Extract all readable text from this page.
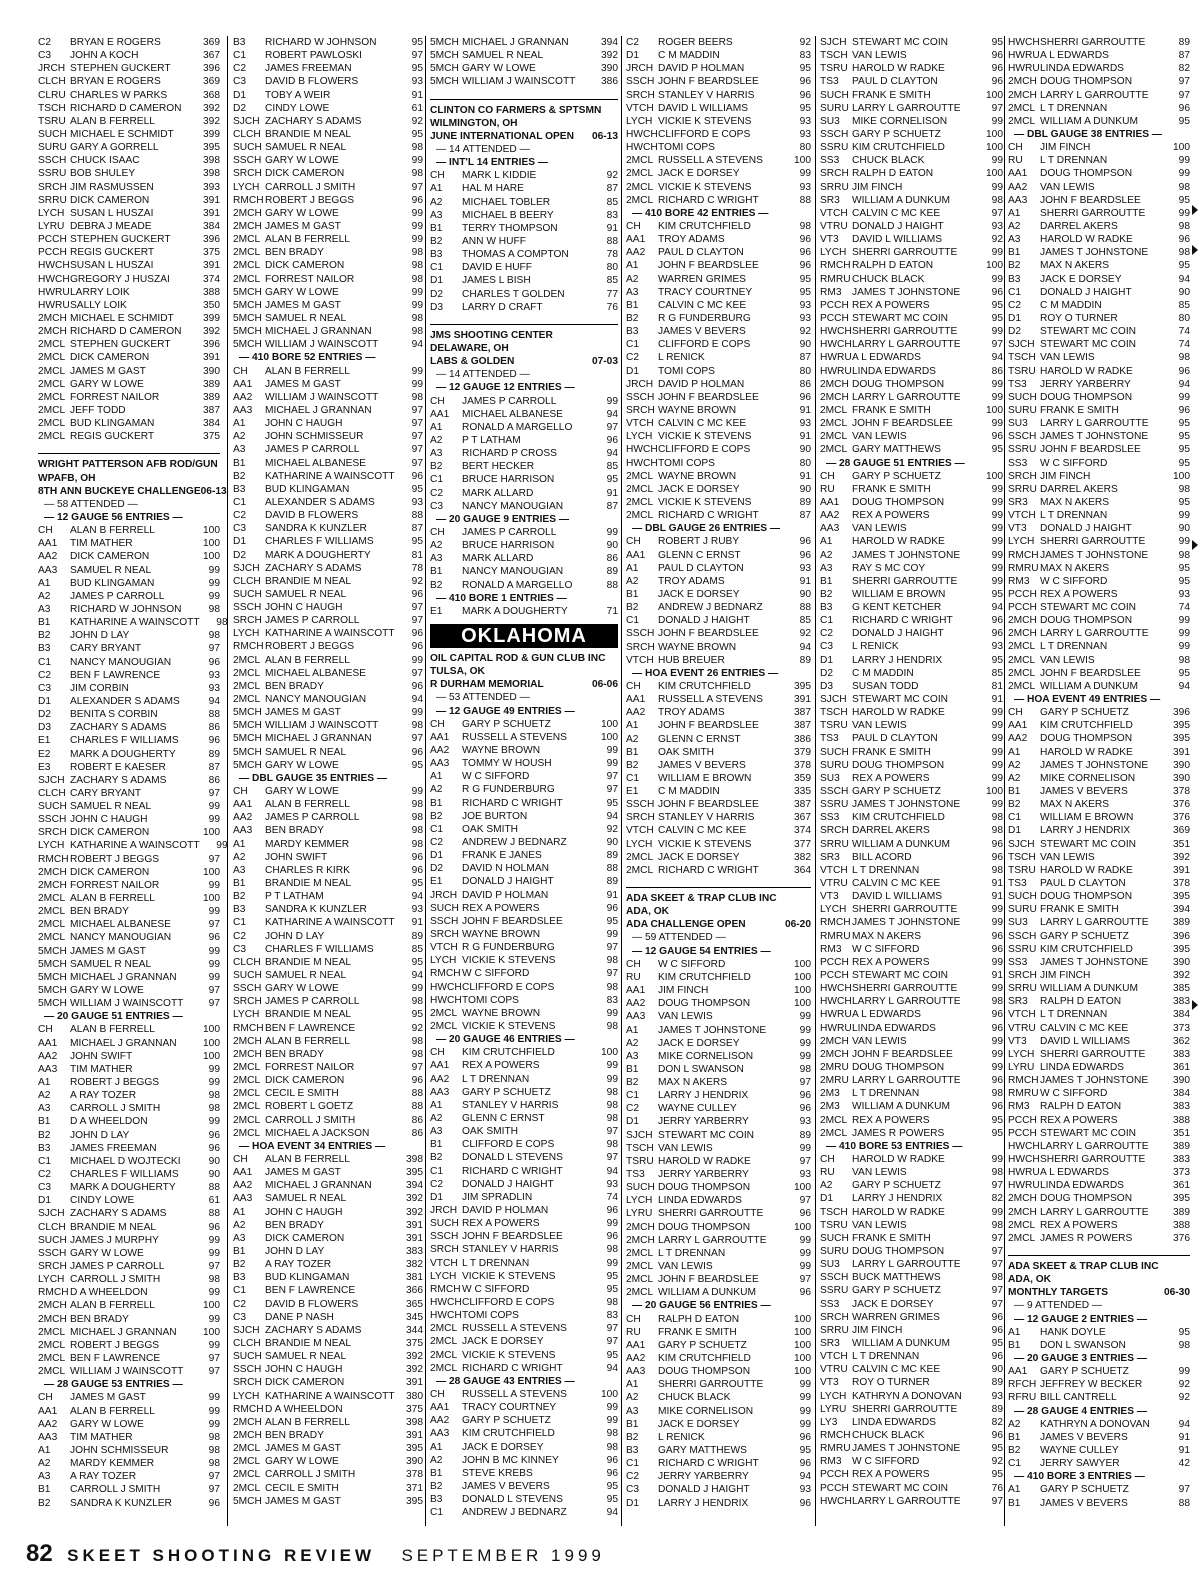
C2	BRYAN E ROGERS	369
C3	JOHN A KOCH	367
JRCH STEPHEN GUCKERT	396
CLCH BRYAN E ROGERS	369
CLRU CHARLES W PARKS	368
TSCH RICHARD D CAMERON	392
TSRU ALAN B FERRELL	392
SUCH MICHAEL E SCHMIDT	399
SURU GARY A GORRELL	395
SSCH CHUCK ISAAC	398
SSRU BOB SHULEY	398
SRCH JIM RASMUSSEN	393
SRRU DICK CAMERON	391
LYCH SUSAN L HUSZAI	391
LYRU DEBRA J MEADE	384
PCCH STEPHEN GUCKERT	396
PCCH REGIS GUCKERT	375
HWCH SUSAN L HUSZAI	391
HWCH GREGORY J HUSZAI	374
HWRU LARRY LOIK	388
HWRU SALLY LOIK	350
2MCH MICHAEL E SCHMIDT	399
2MCH RICHARD D CAMERON	392
2MCL STEPHEN GUCKERT	396
2MCL DICK CAMERON	391
2MCL JAMES M GAST	390
2MCL GARY W LOWE	389
2MCL FORREST NAILOR	389
2MCL JEFF TODD	387
2MCL BUD KLINGAMAN	384
2MCL REGIS GUCKERT	375
WRIGHT PATTERSON AFB ROD/GUN
WPAFB, OH
8TH ANN BUCKEYE CHALLENGE 06-13
— 58 ATTENDED —
— 12 GAUGE 56 ENTRIES —
CH	ALAN B FERRELL	100
AA1	TIM MATHER	100
AA2	DICK CAMERON	100
AA3	SAMUEL R NEAL	99
A1	BUD KLINGAMAN	99
A2	JAMES P CARROLL	99
A3	RICHARD W JOHNSON	98
B1	KATHARINE A WAINSCOTT	98
B2	JOHN D LAY	98
B3	CARY BRYANT	97
C1	NANCY MANOUGIAN	96
C2	BEN F LAWRENCE	93
C3	JIM CORBIN	93
D1	ALEXANDER S ADAMS	94
D2	BENITA S CORBIN	88
D3	ZACHARY S ADAMS	86
E1	CHARLES F WILLIAMS	96
E2	MARK A DOUGHERTY	89
E3	ROBERT E KAESER	87
SJCH ZACHARY S ADAMS	86
CLCH CARY BRYANT	97
SUCH SAMUEL R NEAL	99
SSCH JOHN C HAUGH	99
SRCH DICK CAMERON	100
LYCH KATHARINE A WAINSCOTT	99
RMCH ROBERT J BEGGS	97
2MCH DICK CAMERON	100
2MCH FORREST NAILOR	99
2MCL ALAN B FERRELL	100
2MCL BEN BRADY	99
2MCL MICHAEL ALBANESE	97
2MCL NANCY MANOUGIAN	96
5MCH JAMES M GAST	99
5MCH SAMUEL R NEAL	99
5MCH MICHAEL J GRANNAN	99
5MCH GARY W LOWE	97
5MCH WILLIAM J WAINSCOTT	97
— 20 GAUGE 51 ENTRIES —
CH	ALAN B FERRELL	100
AA1	MICHAEL J GRANNAN	100
AA2	JOHN SWIFT	100
AA3	TIM MATHER	99
A1	ROBERT J BEGGS	99
A2	A RAY TOZER	98
A3	CARROLL J SMITH	98
B1	D A WHEELDON	99
B2	JOHN D LAY	96
B3	JAMES FREEMAN	96
C1	MICHAEL D WOJTECKI	90
C2	CHARLES F WILLIAMS	90
C3	MARK A DOUGHERTY	88
D1	CINDY LOWE	61
SJCH ZACHARY S ADAMS	88
CLCH BRANDIE M NEAL	96
SUCH JAMES J MURPHY	99
SSCH GARY W LOWE	99
SRCH JAMES P CARROLL	97
LYCH CARROLL J SMITH	98
RMCH D A WHEELDON	99
2MCH ALAN B FERRELL	100
2MCH BEN BRADY	99
2MCL MICHAEL J GRANNAN	100
2MCL ROBERT J BEGGS	99
2MCL BEN F LAWRENCE	97
2MCL WILLIAM J WAINSCOTT	97
— 28 GAUGE 53 ENTRIES —
CH	JAMES M GAST	99
AA1	ALAN B FERRELL	99
AA2	GARY W LOWE	99
AA3	TIM MATHER	98
A1	JOHN SCHMISSEUR	98
A2	MARDY KEMMER	98
A3	A RAY TOZER	97
B1	CARROLL J SMITH	97
B2	SANDRA K KUNZLER	96
B3	RICHARD W JOHNSON	95
C1	ROBERT PAWLOSKI	97
C2	JAMES FREEMAN	95
C3	DAVID B FLOWERS	93
D1	TOBY A WEIR	91
D2	CINDY LOWE	61
SJCH ZACHARY S ADAMS	92
CLCH BRANDIE M NEAL	95
SUCH SAMUEL R NEAL	98
SSCH GARY W LOWE	99
SRCH DICK CAMERON	98
LYCH CARROLL J SMITH	97
RMCH ROBERT J BEGGS	96
2MCH GARY W LOWE	99
2MCH JAMES M GAST	99
2MCL ALAN B FERRELL	99
2MCL BEN BRADY	98
2MCL DICK CAMERON	98
2MCL FORREST NAILOR	98
5MCH GARY W LOWE	99
5MCH JAMES M GAST	99
5MCH SAMUEL R NEAL	98
5MCH MICHAEL J GRANNAN	98
5MCH WILLIAM J WAINSCOTT	94
— 410 BORE 52 ENTRIES —
CH	ALAN B FERRELL	99
AA1	JAMES M GAST	99
AA2	WILLIAM J WAINSCOTT	98
AA3	MICHAEL J GRANNAN	97
A1	JOHN C HAUGH	97
A2	JOHN SCHMISSEUR	97
A3	JAMES P CARROLL	97
B1	MICHAEL ALBANESE	97
B2	KATHARINE A WAINSCOTT	96
B3	BUD KLINGAMAN	95
C1	ALEXANDER S ADAMS	93
C2	DAVID B FLOWERS	88
C3	SANDRA K KUNZLER	87
D1	CHARLES F WILLIAMS	95
D2	MARK A DOUGHERTY	81
SJCH ZACHARY S ADAMS	78
CLCH BRANDIE M NEAL	92
SUCH SAMUEL R NEAL	96
SSCH JOHN C HAUGH	97
SRCH JAMES P CARROLL	97
LYCH KATHARINE A WAINSCOTT	96
RMCH ROBERT J BEGGS	96
2MCL ALAN B FERRELL	99
2MCL MICHAEL ALBANESE	97
2MCL BEN BRADY	96
2MCL NANCY MANOUGIAN	94
5MCH JAMES M GAST	99
5MCH WILLIAM J WAINSCOTT	98
5MCH MICHAEL J GRANNAN	97
5MCH SAMUEL R NEAL	96
5MCH GARY W LOWE	95
— DBL GAUGE 35 ENTRIES —
CH	GARY W LOWE	99
AA1	ALAN B FERRELL	98
AA2	JAMES P CARROLL	98
AA3	BEN BRADY	98
A1	MARDY KEMMER	98
A2	JOHN SWIFT	96
A3	CHARLES R KIRK	96
B1	BRANDIE M NEAL	95
B2	P T LATHAM	94
B3	SANDRA K KUNZLER	93
C1	KATHARINE A WAINSCOTT	91
C2	JOHN D LAY	89
C3	CHARLES F WILLIAMS	85
CLCH BRANDIE M NEAL	95
SUCH SAMUEL R NEAL	94
SSCH GARY W LOWE	99
SRCH JAMES P CARROLL	98
LYCH BRANDIE M NEAL	95
RMCH BEN F LAWRENCE	92
2MCH ALAN B FERRELL	98
2MCH BEN BRADY	98
2MCL FORREST NAILOR	97
2MCL DICK CAMERON	96
2MCL CECIL E SMITH	88
2MCL ROBERT L GOETZ	88
2MCL CARROLL J SMITH	86
2MCL MICHAEL A JACKSON	86
— HOA EVENT 34 ENTRIES —
CH	ALAN B FERRELL	398
AA1	JAMES M GAST	395
AA2	MICHAEL J GRANNAN	394
AA3	SAMUEL R NEAL	392
A1	JOHN C HAUGH	392
A2	BEN BRADY	391
A3	DICK CAMERON	391
B1	JOHN D LAY	383
B2	A RAY TOZER	382
B3	BUD KLINGAMAN	381
C1	BEN F LAWRENCE	366
C2	DAVID B FLOWERS	365
C3	DANE P NASH	345
SJCH ZACHARY S ADAMS	344
CLCH BRANDIE M NEAL	375
SUCH SAMUEL R NEAL	392
SSCH JOHN C HAUGH	392
SRCH DICK CAMERON	391
LYCH KATHARINE A WAINSCOTT	380
RMCH D A WHEELDON	375
2MCH ALAN B FERRELL	398
2MCH BEN BRADY	391
2MCL JAMES M GAST	395
2MCL GARY W LOWE	390
2MCL CARROLL J SMITH	378
2MCL CECIL E SMITH	371
5MCH JAMES M GAST	395
5MCH MICHAEL J GRANNAN	394
5MCH SAMUEL R NEAL	392
5MCH GARY W LOWE	390
5MCH WILLIAM J WAINSCOTT	386
CLINTON CO FARMERS & SPTSMN
WILMINGTON, OH
JUNE INTERNATIONAL OPEN 06-13
— 14 ATTENDED —
— INT'L 14 ENTRIES —
CH	MARK L KIDDIE	92
A1	HAL M HARE	87
A2	MICHAEL TOBLER	85
A3	MICHAEL B BEERY	83
B1	TERRY THOMPSON	91
B2	ANN W HUFF	88
B3	THOMAS A COMPTON	78
C1	DAVID E HUFF	80
D1	JAMES L BISH	85
D2	CHARLES T GOLDEN	77
D3	LARRY D CRAFT	76
JMS SHOOTING CENTER
DELAWARE, OH
LABS & GOLDEN	07-03
— 14 ATTENDED —
— 12 GAUGE 12 ENTRIES —
CH	JAMES P CARROLL	99
AA1	MICHAEL ALBANESE	94
A1	RONALD A MARGELLO	97
A2	P T LATHAM	96
A3	RICHARD P CROSS	94
B2	BERT HECKER	85
C1	BRUCE HARRISON	95
C2	MARK ALLARD	91
C3	NANCY MANOUGIAN	87
— 20 GAUGE 9 ENTRIES —
CH	JAMES P CARROLL	99
A2	BRUCE HARRISON	90
A3	MARK ALLARD	86
B1	NANCY MANOUGIAN	89
B2	RONALD A MARGELLO	88
— 410 BORE 1 ENTRIES —
E1	MARK A DOUGHERTY	71
OKLAHOMA
OIL CAPITAL ROD & GUN CLUB INC
TULSA, OK
R DURHAM MEMORIAL	06-06
— 53 ATTENDED —
— 12 GAUGE 49 ENTRIES —
CH	GARY P SCHUETZ	100
AA1	RUSSELL A STEVENS	100
AA2	WAYNE BROWN	99
AA3	TOMMY W HOUSH	99
A1	W C SIFFORD	97
A2	R G FUNDERBURG	97
B1	RICHARD C WRIGHT	95
B2	JOE BURTON	94
C1	OAK SMITH	92
C2	ANDREW J BEDNARZ	90
D1	FRANK E JANES	89
D2	DAVID N HOLMAN	88
E1	DONALD J HAIGHT	89
JRCH DAVID P HOLMAN	91
SUCH REX A POWERS	96
SSCH JOHN F BEARDSLEE	95
SRCH WAYNE BROWN	99
VTCH R G FUNDERBURG	97
LYCH VICKIE K STEVENS	98
RMCH W C SIFFORD	97
HWCH CLIFFORD E COPS	98
HWCH TOMI COPS	83
2MCL WAYNE BROWN	99
2MCL VICKIE K STEVENS	98
— 20 GAUGE 46 ENTRIES —
CH	KIM CRUTCHFIELD	100
AA1	REX A POWERS	99
AA2	L T DRENNAN	99
AA3	GARY P SCHUETZ	98
A1	STANLEY V HARRIS	98
A2	GLENN C ERNST	98
A3	OAK SMITH	97
B1	CLIFFORD E COPS	98
B2	DONALD L STEVENS	97
C1	RICHARD C WRIGHT	94
C2	DONALD J HAIGHT	93
D1	JIM SPRADLIN	74
JRCH DAVID P HOLMAN	96
SUCH REX A POWERS	99
SSCH JOHN F BEARDSLEE	96
SRCH STANLEY V HARRIS	98
VTCH L T DRENNAN	99
LYCH VICKIE K STEVENS	95
RMCH W C SIFFORD	95
HWCH CLIFFORD E COPS	98
HWCH TOMI COPS	83
2MCL RUSSELL A STEVENS	97
2MCL JACK E DORSEY	97
2MCL VICKIE K STEVENS	95
2MCL RICHARD C WRIGHT	94
— 28 GAUGE 43 ENTRIES —
CH	RUSSELL A STEVENS	100
AA1	TRACY COURTNEY	99
AA2	GARY P SCHUETZ	99
AA3	KIM CRUTCHFIELD	98
A1	JACK E DORSEY	98
A2	JOHN B MC KINNEY	96
B1	STEVE KREBS	96
B2	JAMES V BEVERS	95
B3	DONALD L STEVENS	95
C1	ANDREW J BEDNARZ	94
C2	ROGER BEERS	92
D1	C M MADDIN	83
JRCH DAVID P HOLMAN	95
SSCH JOHN F BEARDSLEE	96
SRCH STANLEY V HARRIS	96
VTCH DAVID L WILLIAMS	95
LYCH VICKIE K STEVENS	93
HWCH CLIFFORD E COPS	93
HWCH TOMI COPS	80
2MCL RUSSELL A STEVENS	100
2MCL JACK E DORSEY	99
2MCL VICKIE K STEVENS	93
2MCL RICHARD C WRIGHT	88
— 410 BORE 42 ENTRIES —
CH	KIM CRUTCHFIELD	98
AA1	TROY ADAMS	96
AA2	PAUL D CLAYTON	96
A1	JOHN F BEARDSLEE	96
A2	WARREN GRIMES	95
A3	TRACY COURTNEY	95
B1	CALVIN C MC KEE	93
B2	R G FUNDERBURG	93
B3	JAMES V BEVERS	92
C1	CLIFFORD E COPS	90
C2	L RENICK	87
D1	TOMI COPS	80
JRCH DAVID P HOLMAN	86
SSCH JOHN F BEARDSLEE	96
SRCH WAYNE BROWN	91
VTCH CALVIN C MC KEE	93
LYCH VICKIE K STEVENS	91
HWCH CLIFFORD E COPS	90
HWCH TOMI COPS	80
2MCL WAYNE BROWN	91
2MCL JACK E DORSEY	90
2MCL VICKIE K STEVENS	89
2MCL RICHARD C WRIGHT	87
— DBL GAUGE 26 ENTRIES —
CH	ROBERT J RUBY	96
AA1	GLENN C ERNST	96
A1	PAUL D CLAYTON	93
A2	TROY ADAMS	91
B1	JACK E DORSEY	90
B2	ANDREW J BEDNARZ	88
C1	DONALD J HAIGHT	85
SSCH JOHN F BEARDSLEE	92
SRCH WAYNE BROWN	94
VTCH HUB BREUER	89
— HOA EVENT 26 ENTRIES —
CH	KIM CRUTCHFIELD	395
AA1	RUSSELL A STEVENS	391
AA2	TROY ADAMS	387
A1	JOHN F BEARDSLEE	387
A2	GLENN C ERNST	386
B1	OAK SMITH	379
B2	JAMES V BEVERS	378
C1	WILLIAM E BROWN	359
E1	C M MADDIN	335
SSCH JOHN F BEARDSLEE	387
SRCH STANLEY V HARRIS	367
VTCH CALVIN C MC KEE	374
LYCH VICKIE K STEVENS	377
2MCL JACK E DORSEY	382
2MCL RICHARD C WRIGHT	364
ADA SKEET & TRAP CLUB INC
ADA, OK
ADA CHALLENGE OPEN	06-20
— 59 ATTENDED —
— 12 GAUGE 54 ENTRIES —
CH	W C SIFFORD	100
RU	KIM CRUTCHFIELD	100
AA1	JIM FINCH	100
AA2	DOUG THOMPSON	100
AA3	VAN LEWIS	99
A1	JAMES T JOHNSTONE	99
A2	JACK E DORSEY	99
A3	MIKE CORNELISON	99
B1	DON L SWANSON	98
B2	MAX N AKERS	97
C1	LARRY J HENDRIX	96
C2	WAYNE CULLEY	96
D1	JERRY YARBERRY	93
SJCH STEWART MC COIN	89
TSCH VAN LEWIS	99
TSRU HAROLD W RADKE	97
TS3	JERRY YARBERRY	93
SUCH DOUG THOMPSON	100
LYCH LINDA EDWARDS	97
LYRU SHERRI GARROUTTE	96
2MCH DOUG THOMPSON	100
2MCH LARRY L GARROUTTE	99
2MCL L T DRENNAN	99
2MCL VAN LEWIS	99
2MCL JOHN F BEARDSLEE	97
2MCL WILLIAM A DUNKUM	96
— 20 GAUGE 56 ENTRIES —
CH	RALPH D EATON	100
RU	FRANK E SMITH	100
AA1	GARY P SCHUETZ	100
AA2	KIM CRUTCHFIELD	100
AA3	DOUG THOMPSON	100
A1	SHERRI GARROUTTE	99
A2	CHUCK BLACK	99
A3	MIKE CORNELISON	99
B1	JACK E DORSEY	99
B2	L RENICK	96
B3	GARY MATTHEWS	95
C1	RICHARD C WRIGHT	96
C2	JERRY YARBERRY	94
C3	DONALD J HAIGHT	93
D1	LARRY J HENDRIX	96
SJCH STEWART MC COIN	95
TSCH VAN LEWIS	96
TSRU HAROLD W RADKE	96
TS3	PAUL D CLAYTON	96
SUCH FRANK E SMITH	100
SURU LARRY L GARROUTTE	97
SU3	MIKE CORNELISON	99
SSCH GARY P SCHUETZ	100
SSRU KIM CRUTCHFIELD	100
SS3	CHUCK BLACK	99
SRCH RALPH D EATON	100
SRRU JIM FINCH	99
SR3	WILLIAM A DUNKUM	98
VTCH CALVIN C MC KEE	97
VTRU DONALD J HAIGHT	93
VT3	DAVID L WILLIAMS	92
LYCH SHERRI GARROUTTE	99
RMCH RALPH D EATON	100
RMRU CHUCK BLACK	99
RM3	JAMES T JOHNSTONE	96
PCCH REX A POWERS	95
PCCH STEWART MC COIN	95
HWCH SHERRI GARROUTTE	99
HWCH LARRY L GARROUTTE	97
HWRU A L EDWARDS	94
HWRU LINDA EDWARDS	86
2MCH DOUG THOMPSON	99
2MCH LARRY L GARROUTTE	99
2MCL FRANK E SMITH	100
2MCL JOHN F BEARDSLEE	99
2MCL VAN LEWIS	96
2MCL GARY MATTHEWS	95
— 28 GAUGE 51 ENTRIES —
CH	GARY P SCHUETZ	100
RU	FRANK E SMITH	99
AA1	DOUG THOMPSON	99
AA2	REX A POWERS	99
AA3	VAN LEWIS	99
A1	HAROLD W RADKE	99
A2	JAMES T JOHNSTONE	99
A3	RAY S MC COY	99
B1	SHERRI GARROUTTE	99
B2	WILLIAM E BROWN	95
B3	G KENT KETCHER	94
C1	RICHARD C WRIGHT	96
C2	DONALD J HAIGHT	96
C3	L RENICK	93
D1	LARRY J HENDRIX	95
D2	C M MADDIN	85
D3	SUSAN TODD	81
SJCH STEWART MC COIN	91
TSCH HAROLD W RADKE	99
TSRU VAN LEWIS	99
TS3	PAUL D CLAYTON	99
SUCH FRANK E SMITH	99
SURU DOUG THOMPSON	99
SU3	REX A POWERS	99
SSCH GARY P SCHUETZ	100
SSRU JAMES T JOHNSTONE	99
SS3	KIM CRUTCHFIELD	98
SRCH DARREL AKERS	98
SRRU WILLIAM A DUNKUM	96
SR3	BILL ACORD	96
VTCH L T DRENNAN	98
VTRU CALVIN C MC KEE	91
VT3	DAVID L WILLIAMS	91
LYCH SHERRI GARROUTTE	99
RMCH JAMES T JOHNSTONE	99
RMRU MAX N AKERS	96
RM3	W C SIFFORD	96
PCCH REX A POWERS	99
PCCH STEWART MC COIN	91
HWCH SHERRI GARROUTTE	99
HWCH LARRY L GARROUTTE	98
HWRU A L EDWARDS	96
HWRU LINDA EDWARDS	96
2MCH VAN LEWIS	99
2MCH JOHN F BEARDSLEE	99
2MRU DOUG THOMPSON	99
2MRU LARRY L GARROUTTE	96
2M3	L T DRENNAN	98
2M3	WILLIAM A DUNKUM	96
2MCL REX A POWERS	95
2MCL JAMES R POWERS	95
— 410 BORE 53 ENTRIES —
CH	HAROLD W RADKE	99
RU	VAN LEWIS	98
A2	GARY P SCHUETZ	97
D1	LARRY J HENDRIX	82
TSCH HAROLD W RADKE	99
TSRU VAN LEWIS	98
SUCH FRANK E SMITH	97
SURU DOUG THOMPSON	97
SU3	LARRY L GARROUTTE	97
SSCH BUCK MATTHEWS	98
SSRU GARY P SCHUETZ	97
SS3	JACK E DORSEY	97
SRCH WARREN GRIMES	96
SRRU JIM FINCH	96
SR3	WILLIAM A DUNKUM	95
VTCH L T DRENNAN	96
VTRU CALVIN C MC KEE	90
VT3	ROY O TURNER	89
LYCH KATHRYN A DONOVAN	93
LYRU SHERRI GARROUTTE	89
LY3	LINDA EDWARDS	82
RMCH CHUCK BLACK	96
RMRU JAMES T JOHNSTONE	95
RM3	W C SIFFORD	92
PCCH REX A POWERS	95
PCCH STEWART MC COIN	76
HWCH LARRY L GARROUTTE	97
HWCH SHERRI GARROUTTE	89
HWRU A L EDWARDS	87
HWRU LINDA EDWARDS	82
2MCH DOUG THOMPSON	97
2MCH LARRY L GARROUTTE	97
2MCL L T DRENNAN	96
2MCL WILLIAM A DUNKUM	95
— DBL GAUGE 38 ENTRIES —
CH	JIM FINCH	100
RU	L T DRENNAN	99
AA1	DOUG THOMPSON	99
AA2	VAN LEWIS	98
AA3	JOHN F BEARDSLEE	95
A1	SHERRI GARROUTTE	99
A2	DARREL AKERS	98
A3	HAROLD W RADKE	96
B1	JAMES T JOHNSTONE	98
B2	MAX N AKERS	95
B3	JACK E DORSEY	94
C1	DONALD J HAIGHT	90
C2	C M MADDIN	85
D1	ROY O TURNER	80
D2	STEWART MC COIN	74
SJCH STEWART MC COIN	74
TSCH VAN LEWIS	98
TSRU HAROLD W RADKE	96
TS3	JERRY YARBERRY	94
SUCH DOUG THOMPSON	99
SURU FRANK E SMITH	96
SU3	LARRY L GARROUTTE	95
SSCH JAMES T JOHNSTONE	95
SSRU JOHN F BEARDSLEE	95
SS3	W C SIFFORD	95
SRCH JIM FINCH	100
SRRU DARREL AKERS	98
SR3	MAX N AKERS	95
VTCH L T DRENNAN	99
VT3	DONALD J HAIGHT	90
LYCH SHERRI GARROUTTE	99
RMCH JAMES T JOHNSTONE	98
RMRU MAX N AKERS	95
RM3	W C SIFFORD	95
PCCH REX A POWERS	93
PCCH STEWART MC COIN	74
2MCH DOUG THOMPSON	99
2MCH LARRY L GARROUTTE	99
2MCL L T DRENNAN	99
2MCL VAN LEWIS	98
2MCL JOHN F BEARDSLEE	95
2MCL WILLIAM A DUNKUM	94
— HOA EVENT 49 ENTRIES —
CH	GARY P SCHUETZ	396
AA1	KIM CRUTCHFIELD	395
AA2	DOUG THOMPSON	395
A1	HAROLD W RADKE	391
A2	JAMES T JOHNSTONE	390
A2	MIKE CORNELISON	390
B1	JAMES V BEVERS	378
B2	MAX N AKERS	376
C1	WILLIAM E BROWN	376
D1	LARRY J HENDRIX	369
SJCH STEWART MC COIN	351
TSCH VAN LEWIS	392
TSRU HAROLD W RADKE	391
TS3	PAUL D CLAYTON	378
SUCH DOUG THOMPSON	395
SURU FRANK E SMITH	394
SU3	LARRY L GARROUTTE	389
SSCH GARY P SCHUETZ	396
SSRU KIM CRUTCHFIELD	395
SS3	JAMES T JOHNSTONE	390
SRCH JIM FINCH	392
SRRU WILLIAM A DUNKUM	385
SR3	RALPH D EATON	383
VTCH L T DRENNAN	384
VTRU CALVIN C MC KEE	373
VT3	DAVID L WILLIAMS	362
LYCH SHERRI GARROUTTE	383
LYRU LINDA EDWARDS	361
RMCH JAMES T JOHNSTONE	390
RMRU W C SIFFORD	384
RM3	RALPH D EATON	383
PCCH REX A POWERS	388
PCCH STEWART MC COIN	351
HWCH LARRY L GARROUTTE	389
HWCH SHERRI GARROUTTE	383
HWRU A L EDWARDS	373
HWRU LINDA EDWARDS	361
2MCH DOUG THOMPSON	395
2MCH LARRY L GARROUTTE	389
2MCL REX A POWERS	388
2MCL JAMES R POWERS	376
ADA SKEET & TRAP CLUB INC
ADA, OK
MONTHLY TARGETS	06-30
— 9 ATTENDED —
— 12 GAUGE 2 ENTRIES —
A1	HANK DOYLE	95
B1	DON L SWANSON	98
— 20 GAUGE 3 ENTRIES —
AA1	GARY P SCHUETZ	99
RFCH JEFFREY W BECKER	92
RFRU BILL CANTRELL	92
— 28 GAUGE 4 ENTRIES —
A2	KATHRYN A DONOVAN	94
B1	JAMES V BEVERS	91
B2	WAYNE CULLEY	91
C1	JERRY SAWYER	42
— 410 BORE 3 ENTRIES —
A1	GARY P SCHUETZ	97
B1	JAMES V BEVERS	88
82 SKEET SHOOTING REVIEW SEPTEMBER 1999
